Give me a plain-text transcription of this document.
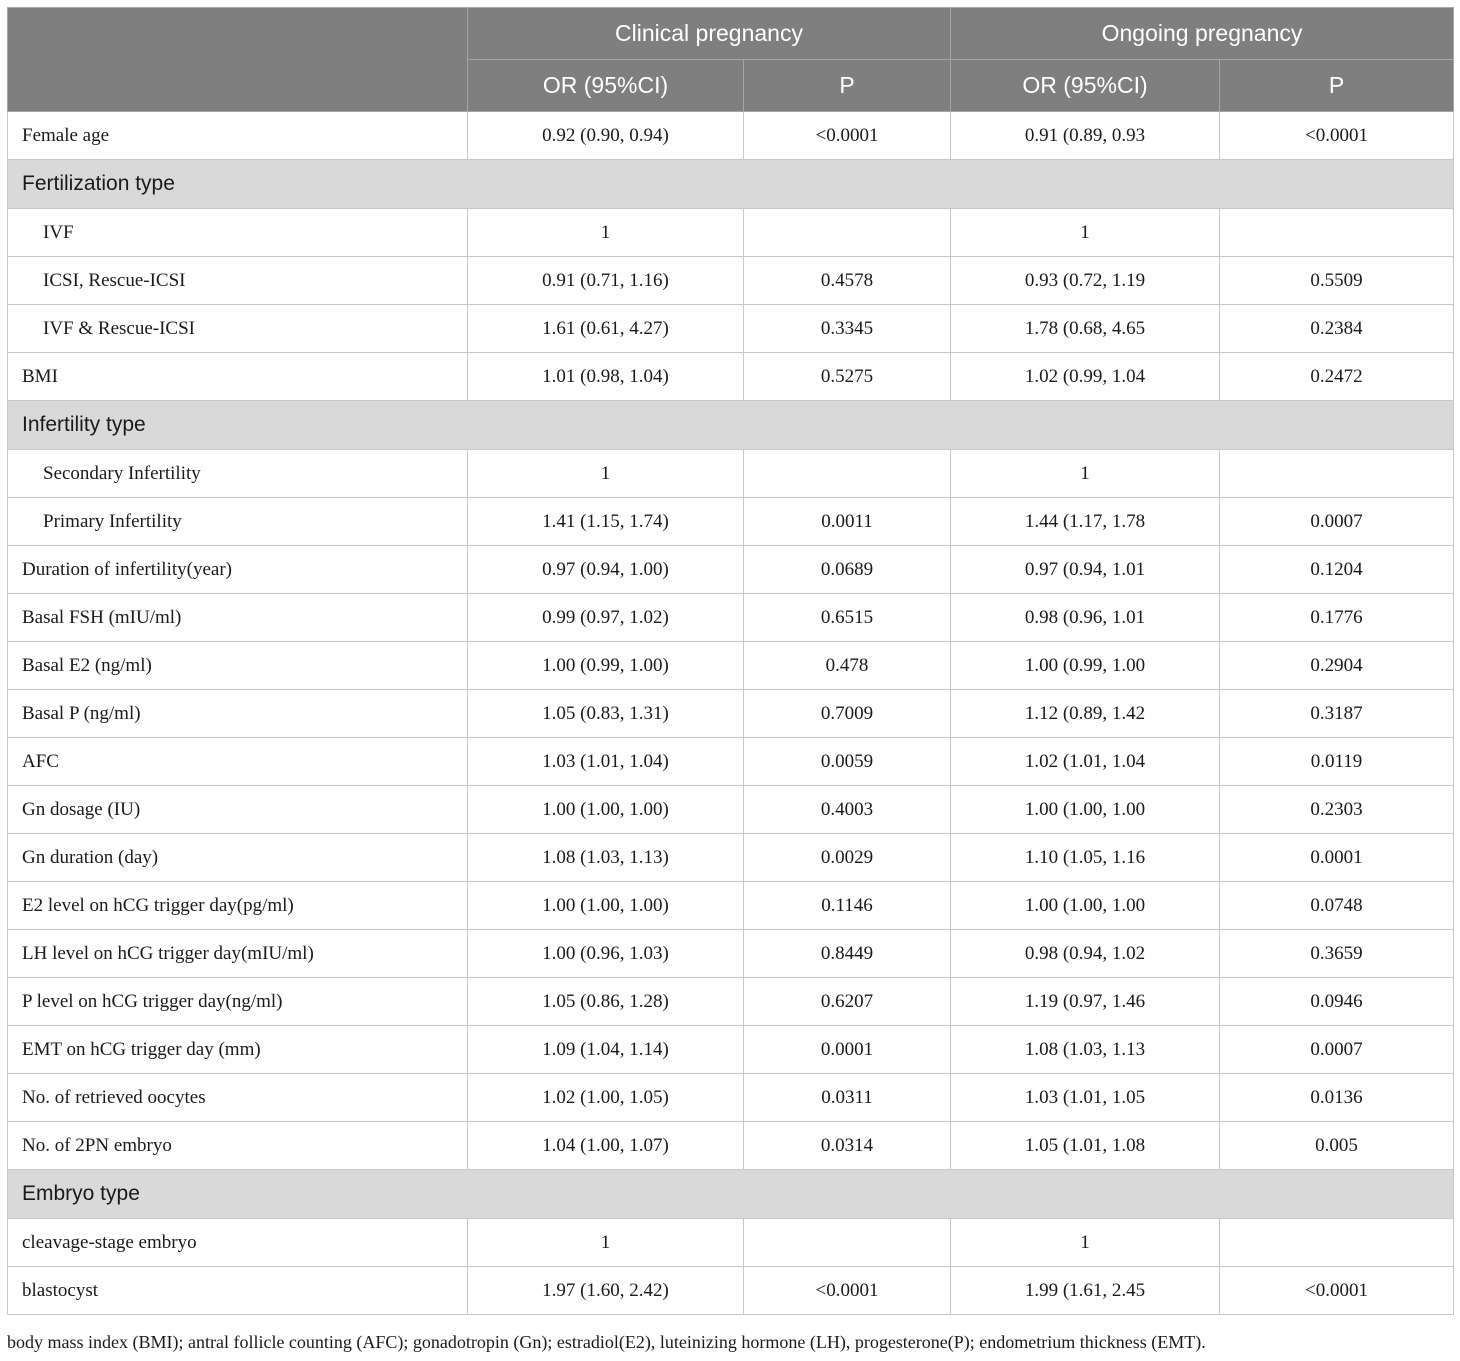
	Clinical pregnancy		Ongoing pregnancy	
	OR (95%CI)	P	OR (95%CI)	P
Female age	0.92 (0.90, 0.94)	<0.0001	0.91 (0.89, 0.93	<0.0001
Fertilization type				
IVF	1		1	
ICSI, Rescue-ICSI	0.91 (0.71, 1.16)	0.4578	0.93 (0.72, 1.19	0.5509
IVF & Rescue-ICSI	1.61 (0.61, 4.27)	0.3345	1.78 (0.68, 4.65	0.2384
BMI	1.01 (0.98, 1.04)	0.5275	1.02 (0.99, 1.04	0.2472
Infertility type				
Secondary Infertility	1		1	
Primary Infertility	1.41 (1.15, 1.74)	0.0011	1.44 (1.17, 1.78	0.0007
Duration of infertility(year)	0.97 (0.94, 1.00)	0.0689	0.97 (0.94, 1.01	0.1204
Basal FSH (mIU/ml)	0.99 (0.97, 1.02)	0.6515	0.98 (0.96, 1.01	0.1776
Basal E2 (ng/ml)	1.00 (0.99, 1.00)	0.478	1.00 (0.99, 1.00	0.2904
Basal P (ng/ml)	1.05 (0.83, 1.31)	0.7009	1.12 (0.89, 1.42	0.3187
AFC	1.03 (1.01, 1.04)	0.0059	1.02 (1.01, 1.04	0.0119
Gn dosage (IU)	1.00 (1.00, 1.00)	0.4003	1.00 (1.00, 1.00	0.2303
Gn duration (day)	1.08 (1.03, 1.13)	0.0029	1.10 (1.05, 1.16	0.0001
E2 level on hCG trigger day(pg/ml)	1.00 (1.00, 1.00)	0.1146	1.00 (1.00, 1.00	0.0748
LH level on hCG trigger day(mIU/ml)	1.00 (0.96, 1.03)	0.8449	0.98 (0.94, 1.02	0.3659
P level on hCG trigger day(ng/ml)	1.05 (0.86, 1.28)	0.6207	1.19 (0.97, 1.46	0.0946
EMT on hCG trigger day (mm)	1.09 (1.04, 1.14)	0.0001	1.08 (1.03, 1.13	0.0007
No. of retrieved oocytes	1.02 (1.00, 1.05)	0.0311	1.03 (1.01, 1.05	0.0136
No. of 2PN embryo	1.04 (1.00, 1.07)	0.0314	1.05 (1.01, 1.08	0.005
Embryo type				
cleavage-stage embryo	1		1	
blastocyst	1.97 (1.60, 2.42)	<0.0001	1.99 (1.61, 2.45	<0.0001
body mass index (BMI); antral follicle counting (AFC); gonadotropin (Gn); estradiol(E2), luteinizing hormone (LH), progesterone(P); endometrium thickness (EMT).
